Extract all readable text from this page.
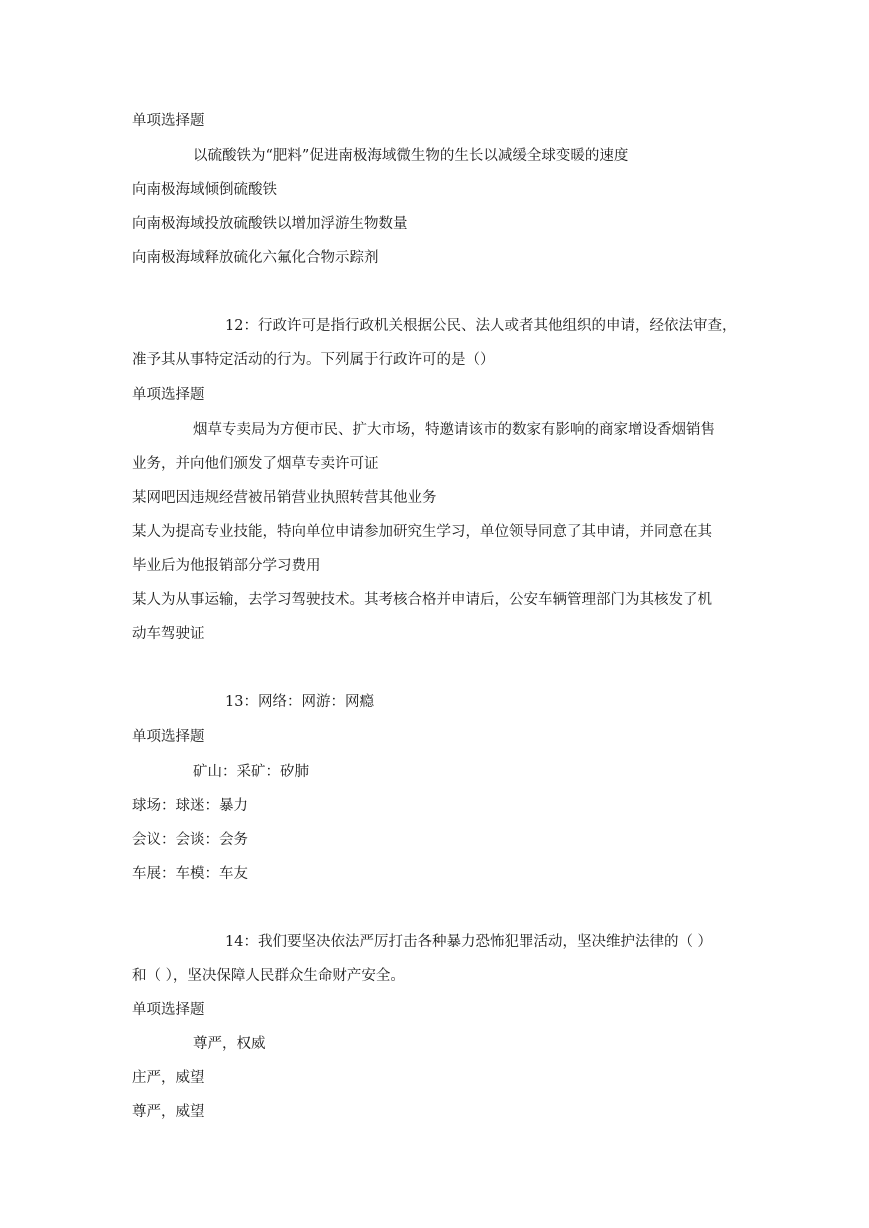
单项选择题
以硫酸铁为“肥料”促进南极海域微生物的生长以减缓全球变暖的速度
向南极海域倾倒硫酸铁
向南极海域投放硫酸铁以增加浮游生物数量
向南极海域释放硫化六氟化合物示踪剂
12：行政许可是指行政机关根据公民、法人或者其他组织的申请，经依法审查，
准予其从事特定活动的行为。下列属于行政许可的是（）
单项选择题
烟草专卖局为方便市民、扩大市场，特邀请该市的数家有影响的商家增设香烟销售
业务，并向他们颁发了烟草专卖许可证
某网吧因违规经营被吊销营业执照转营其他业务
某人为提高专业技能，特向单位申请参加研究生学习，单位领导同意了其申请，并同意在其
毕业后为他报销部分学习费用
某人为从事运输，去学习驾驶技术。其考核合格并申请后，公安车辆管理部门为其核发了机
动车驾驶证
13：网络：网游：网瘾
单项选择题
矿山：采矿：矽肺
球场：球迷：暴力
会议：会谈：会务
车展：车模：车友
14：我们要坚决依法严厉打击各种暴力恐怖犯罪活动，坚决维护法律的（ ）
和（ ），坚决保障人民群众生命财产安全。
单项选择题
尊严，权威
庄严，威望
尊严，威望
